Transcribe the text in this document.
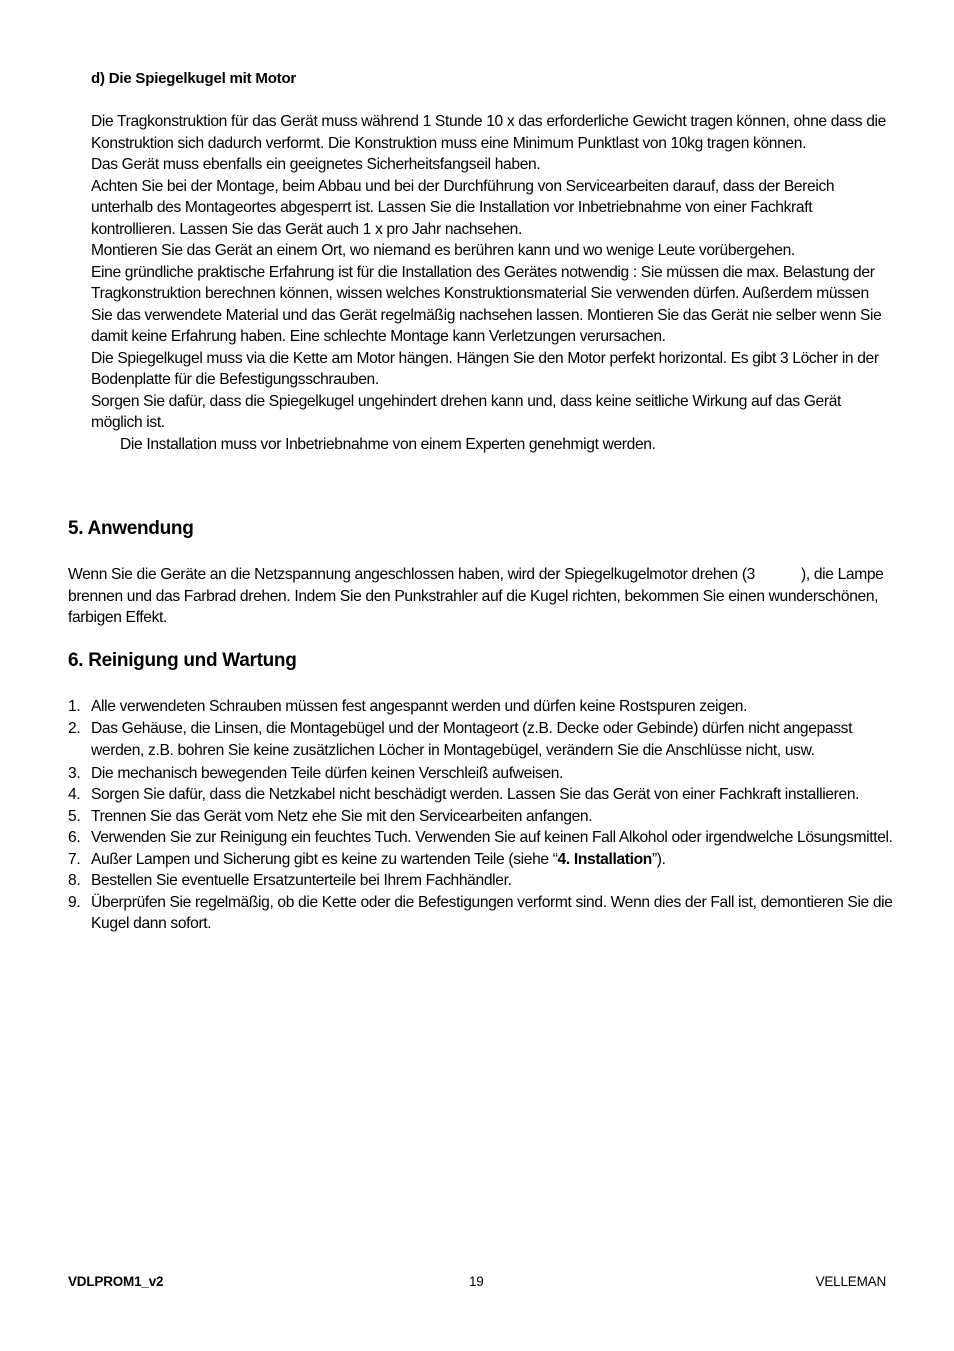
d) Die Spiegelkugel mit Motor

Die Tragkonstruktion für das Gerät muss während 1 Stunde 10 x das erforderliche Gewicht tragen können, ohne dass die Konstruktion sich dadurch verformt. Die Konstruktion muss eine Minimum Punktlast von 10kg tragen können.

Das Gerät muss ebenfalls ein geeignetes Sicherheitsfangseil haben.

Achten Sie bei der Montage, beim Abbau und bei der Durchführung von Servicearbeiten darauf, dass der Bereich unterhalb des Montageortes abgesperrt ist. Lassen Sie die Installation vor Inbetriebnahme von einer Fachkraft kontrollieren. Lassen Sie das Gerät auch 1 x pro Jahr nachsehen.

Montieren Sie das Gerät an einem Ort, wo niemand es berühren kann und wo wenige Leute vorübergehen.

Eine gründliche praktische Erfahrung ist für die Installation des Gerätes notwendig : Sie müssen die max. Belastung der Tragkonstruktion berechnen können, wissen welches Konstruktionsmaterial Sie verwenden dürfen. Außerdem müssen Sie das verwendete Material und das Gerät regelmäßig nachsehen lassen. Montieren Sie das Gerät nie selber wenn Sie damit keine Erfahrung haben. Eine schlechte Montage kann Verletzungen verursachen.

Die Spiegelkugel muss via die Kette am Motor hängen. Hängen Sie den Motor perfekt horizontal. Es gibt 3 Löcher in der Bodenplatte für die Befestigungsschrauben.

Sorgen Sie dafür, dass die Spiegelkugel ungehindert drehen kann und, dass keine seitliche Wirkung auf das Gerät möglich ist.

Die Installation muss vor Inbetriebnahme von einem Experten genehmigt werden.

5. Anwendung

Wenn Sie die Geräte an die Netzspannung angeschlossen haben, wird der Spiegelkugelmotor drehen (3	), die Lampe brennen und das Farbrad drehen. Indem Sie den Punkstrahler auf die Kugel richten, bekommen Sie einen wunderschönen, farbigen Effekt.

6. Reinigung und Wartung
1. Alle verwendeten Schrauben müssen fest angespannt werden und dürfen keine Rostspuren zeigen.
2. Das Gehäuse, die Linsen, die Montagebügel und der Montageort (z.B. Decke oder Gebinde) dürfen nicht angepasst werden, z.B. bohren Sie keine zusätzlichen Löcher in Montagebügel, verändern Sie die Anschlüsse nicht, usw.
3. Die mechanisch bewegenden Teile dürfen keinen Verschleiß aufweisen.
4. Sorgen Sie dafür, dass die Netzkabel nicht beschädigt werden. Lassen Sie das Gerät von einer Fachkraft installieren.
5. Trennen Sie das Gerät vom Netz ehe Sie mit den Servicearbeiten anfangen.
6. Verwenden Sie zur Reinigung ein feuchtes Tuch. Verwenden Sie auf keinen Fall Alkohol oder irgendwelche Lösungsmittel.
7. Außer Lampen und Sicherung gibt es keine zu wartenden Teile (siehe “4. Installation”).
8. Bestellen Sie eventuelle Ersatzunterteile bei Ihrem Fachhändler.
9. Überprüfen Sie regelmäßig, ob die Kette oder die Befestigungen verformt sind. Wenn dies der Fall ist, demontieren Sie die Kugel dann sofort.
VDLPROM1_v2	19	VELLEMAN
